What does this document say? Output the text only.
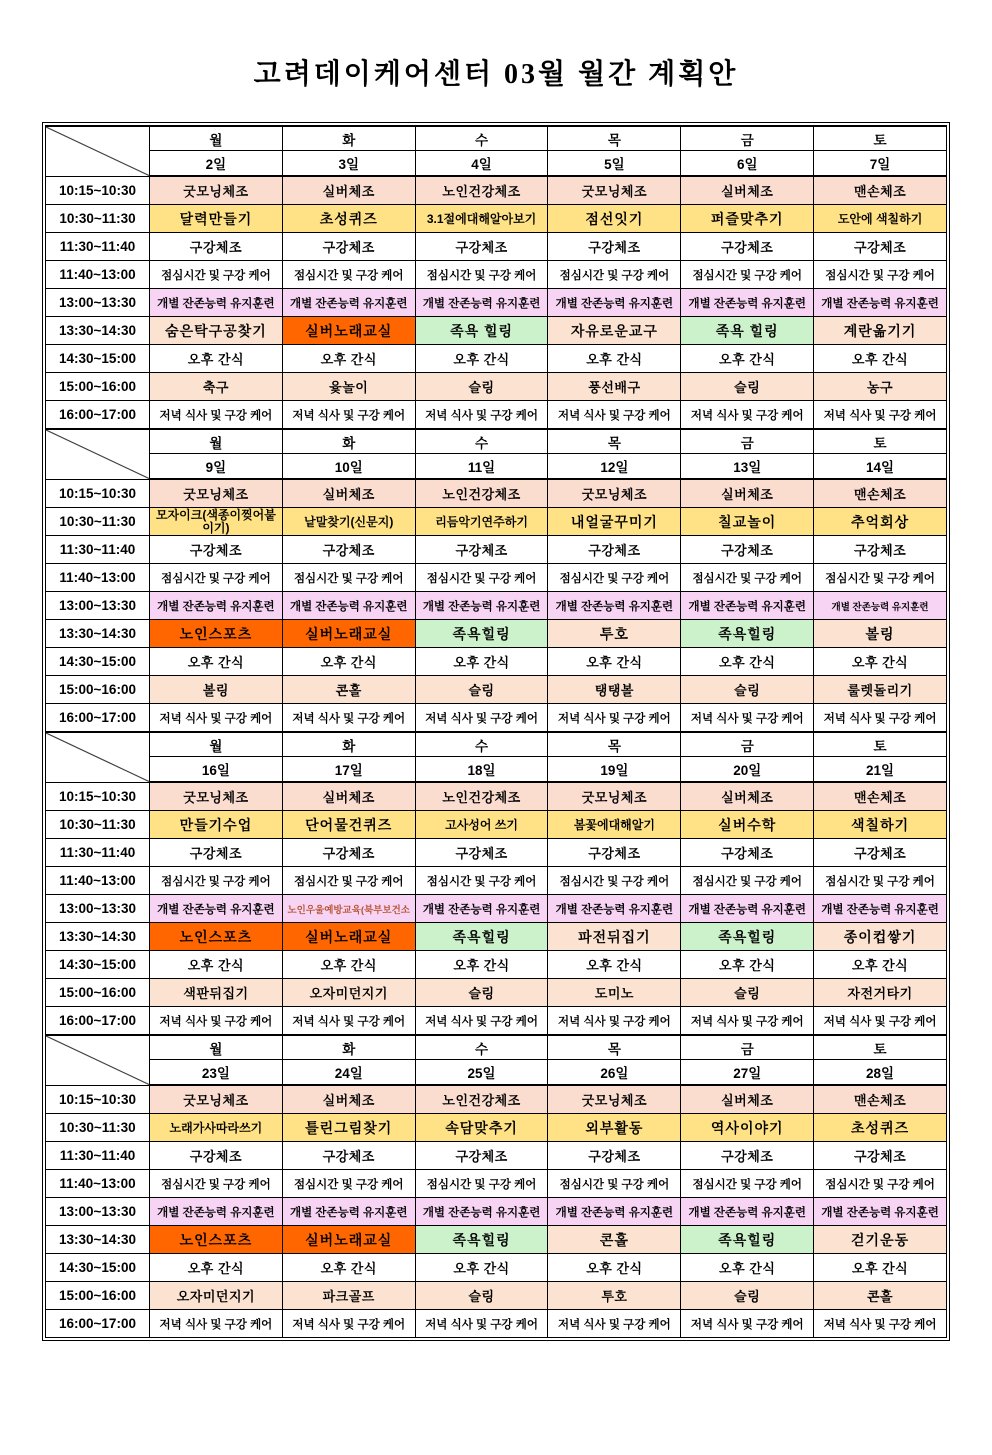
고려데이케어센터 03월 월간 계획안
	월	화	수	목	금	토
	2일	3일	4일	5일	6일	7일
10:15~10:30	굿모닝체조	실버체조	노인건강체조	굿모닝체조	실버체조	맨손체조
10:30~11:30	달력만들기	초성퀴즈	3.1절에대해알아보기	점선잇기	퍼즐맞추기	도안에 색칠하기
11:30~11:40	구강체조	구강체조	구강체조	구강체조	구강체조	구강체조
11:40~13:00	점심시간 및 구강 케어	점심시간 및 구강 케어	점심시간 및 구강 케어	점심시간 및 구강 케어	점심시간 및 구강 케어	점심시간 및 구강 케어
13:00~13:30	개별 잔존능력 유지훈련	개별 잔존능력 유지훈련	개별 잔존능력 유지훈련	개별 잔존능력 유지훈련	개별 잔존능력 유지훈련	개별 잔존능력 유지훈련
13:30~14:30	숨은탁구공찾기	실버노래교실	족욕 힐링	자유로운교구	족욕 힐링	계란옮기기
14:30~15:00	오후 간식	오후 간식	오후 간식	오후 간식	오후 간식	오후 간식
15:00~16:00	축구	윷놀이	슬링	풍선배구	슬링	농구
16:00~17:00	저녁 식사 및 구강 케어	저녁 식사 및 구강 케어	저녁 식사 및 구강 케어	저녁 식사 및 구강 케어	저녁 식사 및 구강 케어	저녁 식사 및 구강 케어

	월	화	수	목	금	토
	9일	10일	11일	12일	13일	14일
10:15~10:30	굿모닝체조	실버체조	노인건강체조	굿모닝체조	실버체조	맨손체조
10:30~11:30	모자이크(색종이찢어붙이기)	낱말찾기(신문지)	리듬악기연주하기	내얼굴꾸미기	칠교놀이	추억회상
11:30~11:40	구강체조	구강체조	구강체조	구강체조	구강체조	구강체조
11:40~13:00	점심시간 및 구강 케어	점심시간 및 구강 케어	점심시간 및 구강 케어	점심시간 및 구강 케어	점심시간 및 구강 케어	점심시간 및 구강 케어
13:00~13:30	개별 잔존능력 유지훈련	개별 잔존능력 유지훈련	개별 잔존능력 유지훈련	개별 잔존능력 유지훈련	개별 잔존능력 유지훈련	개별 잔존능력 유지훈련
13:30~14:30	노인스포츠	실버노래교실	족욕힐링	투호	족욕힐링	볼링
14:30~15:00	오후 간식	오후 간식	오후 간식	오후 간식	오후 간식	오후 간식
15:00~16:00	볼링	콘홀	슬링	탱탱볼	슬링	룰렛돌리기
16:00~17:00	저녁 식사 및 구강 케어	저녁 식사 및 구강 케어	저녁 식사 및 구강 케어	저녁 식사 및 구강 케어	저녁 식사 및 구강 케어	저녁 식사 및 구강 케어

	월	화	수	목	금	토
	16일	17일	18일	19일	20일	21일
10:15~10:30	굿모닝체조	실버체조	노인건강체조	굿모닝체조	실버체조	맨손체조
10:30~11:30	만들기수업	단어물건퀴즈	고사성어 쓰기	봄꽃에대해알기	실버수학	색칠하기
11:30~11:40	구강체조	구강체조	구강체조	구강체조	구강체조	구강체조
11:40~13:00	점심시간 및 구강 케어	점심시간 및 구강 케어	점심시간 및 구강 케어	점심시간 및 구강 케어	점심시간 및 구강 케어	점심시간 및 구강 케어
13:00~13:30	개별 잔존능력 유지훈련	노인우울예방교육(북부보건소	개별 잔존능력 유지훈련	개별 잔존능력 유지훈련	개별 잔존능력 유지훈련	개별 잔존능력 유지훈련
13:30~14:30	노인스포츠	실버노래교실	족욕힐링	파전뒤집기	족욕힐링	종이컵쌓기
14:30~15:00	오후 간식	오후 간식	오후 간식	오후 간식	오후 간식	오후 간식
15:00~16:00	색판뒤집기	오자미던지기	슬링	도미노	슬링	자전거타기
16:00~17:00	저녁 식사 및 구강 케어	저녁 식사 및 구강 케어	저녁 식사 및 구강 케어	저녁 식사 및 구강 케어	저녁 식사 및 구강 케어	저녁 식사 및 구강 케어

	월	화	수	목	금	토
	23일	24일	25일	26일	27일	28일
10:15~10:30	굿모닝체조	실버체조	노인건강체조	굿모닝체조	실버체조	맨손체조
10:30~11:30	노래가사따라쓰기	틀린그림찾기	속담맞추기	외부활동	역사이야기	초성퀴즈
11:30~11:40	구강체조	구강체조	구강체조	구강체조	구강체조	구강체조
11:40~13:00	점심시간 및 구강 케어	점심시간 및 구강 케어	점심시간 및 구강 케어	점심시간 및 구강 케어	점심시간 및 구강 케어	점심시간 및 구강 케어
13:00~13:30	개별 잔존능력 유지훈련	개별 잔존능력 유지훈련	개별 잔존능력 유지훈련	개별 잔존능력 유지훈련	개별 잔존능력 유지훈련	개별 잔존능력 유지훈련
13:30~14:30	노인스포츠	실버노래교실	족욕힐링	콘홀	족욕힐링	걷기운동
14:30~15:00	오후 간식	오후 간식	오후 간식	오후 간식	오후 간식	오후 간식
15:00~16:00	오자미던지기	파크골프	슬링	투호	슬링	콘홀
16:00~17:00	저녁 식사 및 구강 케어	저녁 식사 및 구강 케어	저녁 식사 및 구강 케어	저녁 식사 및 구강 케어	저녁 식사 및 구강 케어	저녁 식사 및 구강 케어
